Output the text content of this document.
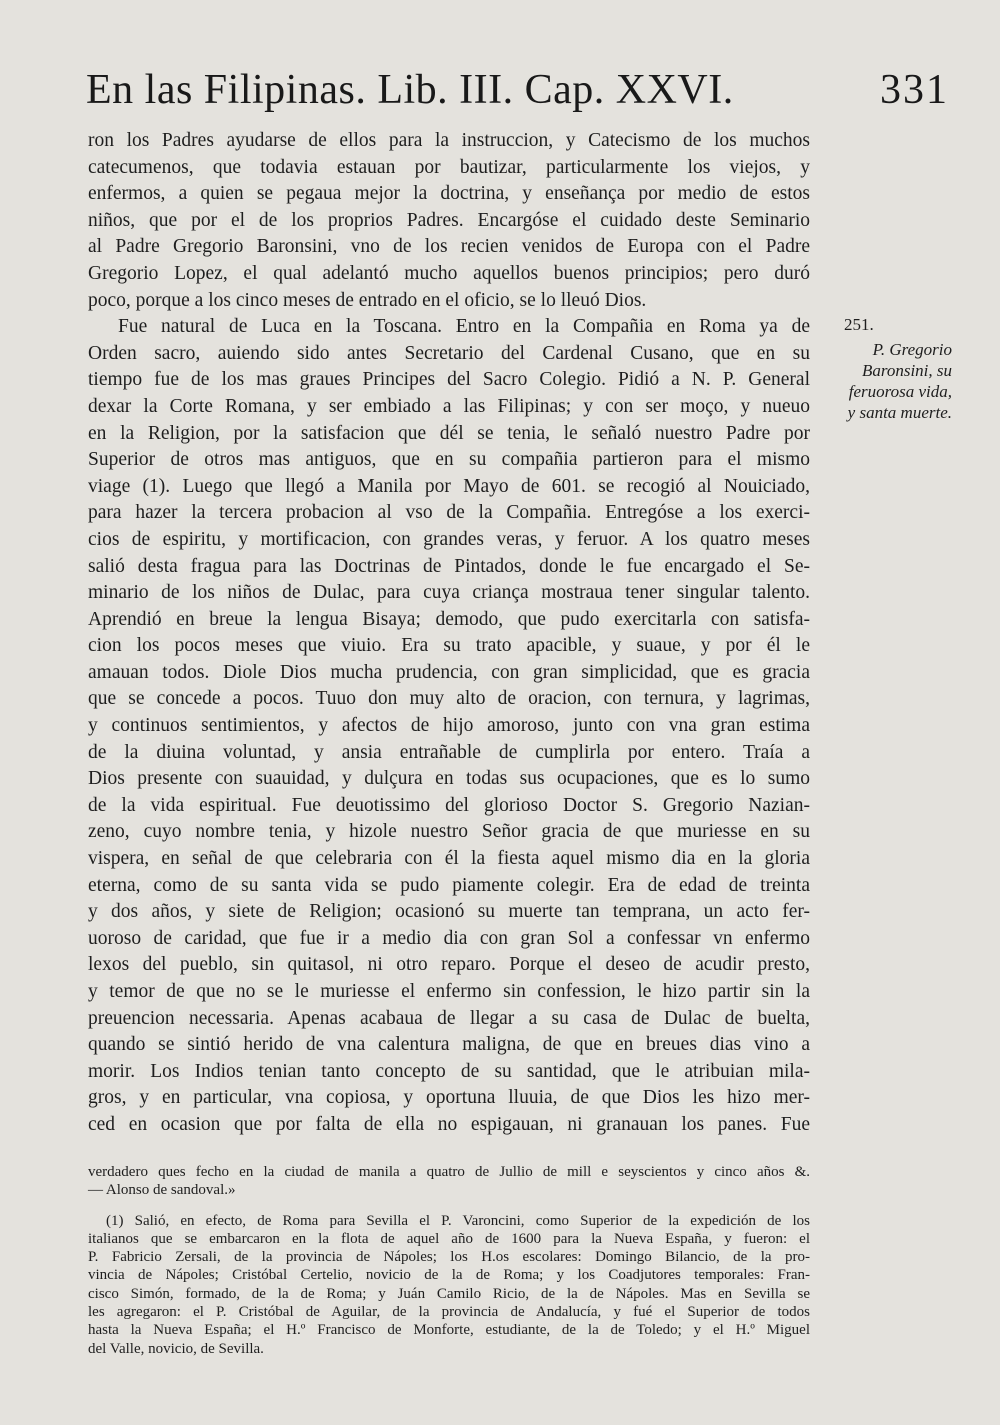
En las Filipinas. Lib. III. Cap. XXVI.	331

ron los Padres ayudarse de ellos para la instruccion, y Catecismo de los muchos

catecumenos, que todavia estauan por bautizar, particularmente los viejos, y

enfermos, a quien se pegaua mejor la doctrina, y enseñança por medio de estos

niños, que por el de los proprios Padres. Encargóse el cuidado deste Seminario

al Padre Gregorio Baronsini, vno de los recien venidos de Europa con el Padre

Gregorio Lopez, el qual adelantó mucho aquellos buenos principios; pero duró

poco, porque a los cinco meses de entrado en el oficio, se lo lleuó Dios.

Fue natural de Luca en la Toscana. Entro en la Compañia en Roma ya de

Orden sacro, auiendo sido antes Secretario del Cardenal Cusano, que en su

tiempo fue de los mas graues Principes del Sacro Colegio. Pidió a N. P. General

dexar la Corte Romana, y ser embiado a las Filipinas; y con ser moço, y nueuo

en la Religion, por la satisfacion que dél se tenia, le señaló nuestro Padre por

Superior de otros mas antiguos, que en su compañia partieron para el mismo

viage (1). Luego que llegó a Manila por Mayo de 601. se recogió al Nouiciado,

para hazer la tercera probacion al vso de la Compañia. Entregóse a los exerci-

cios de espiritu, y mortificacion, con grandes veras, y feruor. A los quatro meses

salió desta fragua para las Doctrinas de Pintados, donde le fue encargado el Se-

minario de los niños de Dulac, para cuya criança mostraua tener singular talento.

Aprendió en breue la lengua Bisaya; demodo, que pudo exercitarla con satisfa-

cion los pocos meses que viuio. Era su trato apacible, y suaue, y por él le

amauan todos. Diole Dios mucha prudencia, con gran simplicidad, que es gracia

que se concede a pocos. Tuuo don muy alto de oracion, con ternura, y lagrimas,

y continuos sentimientos, y afectos de hijo amoroso, junto con vna gran estima

de la diuina voluntad, y ansia entrañable de cumplirla por entero. Traía a

Dios presente con suauidad, y dulçura en todas sus ocupaciones, que es lo sumo

de la vida espiritual. Fue deuotissimo del glorioso Doctor S. Gregorio Nazian-

zeno, cuyo nombre tenia, y hizole nuestro Señor gracia de que muriesse en su

vispera, en señal de que celebraria con él la fiesta aquel mismo dia en la gloria

eterna, como de su santa vida se pudo piamente colegir. Era de edad de treinta

y dos años, y siete de Religion; ocasionó su muerte tan temprana, un acto fer-

uoroso de caridad, que fue ir a medio dia con gran Sol a confessar vn enfermo

lexos del pueblo, sin quitasol, ni otro reparo. Porque el deseo de acudir presto,

y temor de que no se le muriesse el enfermo sin confession, le hizo partir sin la

preuencion necessaria. Apenas acabaua de llegar a su casa de Dulac de buelta,

quando se sintió herido de vna calentura maligna, de que en breues dias vino a

morir. Los Indios tenian tanto concepto de su santidad, que le atribuian mila-

gros, y en particular, vna copiosa, y oportuna lluuia, de que Dios les hizo mer-

ced en ocasion que por falta de ella no espigauan, ni granauan los panes. Fue

251.
P. Gregorio
Baronsini, su
feruorosa vida,
y santa muerte.

verdadero ques fecho en la ciudad de manila a quatro de Jullio de mill e seyscientos y cinco años &.

— Alonso de sandoval.»

(1) Salió, en efecto, de Roma para Sevilla el P. Varoncini, como Superior de la expedición de los

italianos que se embarcaron en la flota de aquel año de 1600 para la Nueva España, y fueron: el

P. Fabricio Zersali, de la provincia de Nápoles; los H.os escolares: Domingo Bilancio, de la pro-

vincia de Nápoles; Cristóbal Certelio, novicio de la de Roma; y los Coadjutores temporales: Fran-

cisco Simón, formado, de la de Roma; y Juán Camilo Ricio, de la de Nápoles. Mas en Sevilla se

les agregaron: el P. Cristóbal de Aguilar, de la provincia de Andalucía, y fué el Superior de todos

hasta la Nueva España; el H.º Francisco de Monforte, estudiante, de la de Toledo; y el H.º Miguel

del Valle, novicio, de Sevilla.
